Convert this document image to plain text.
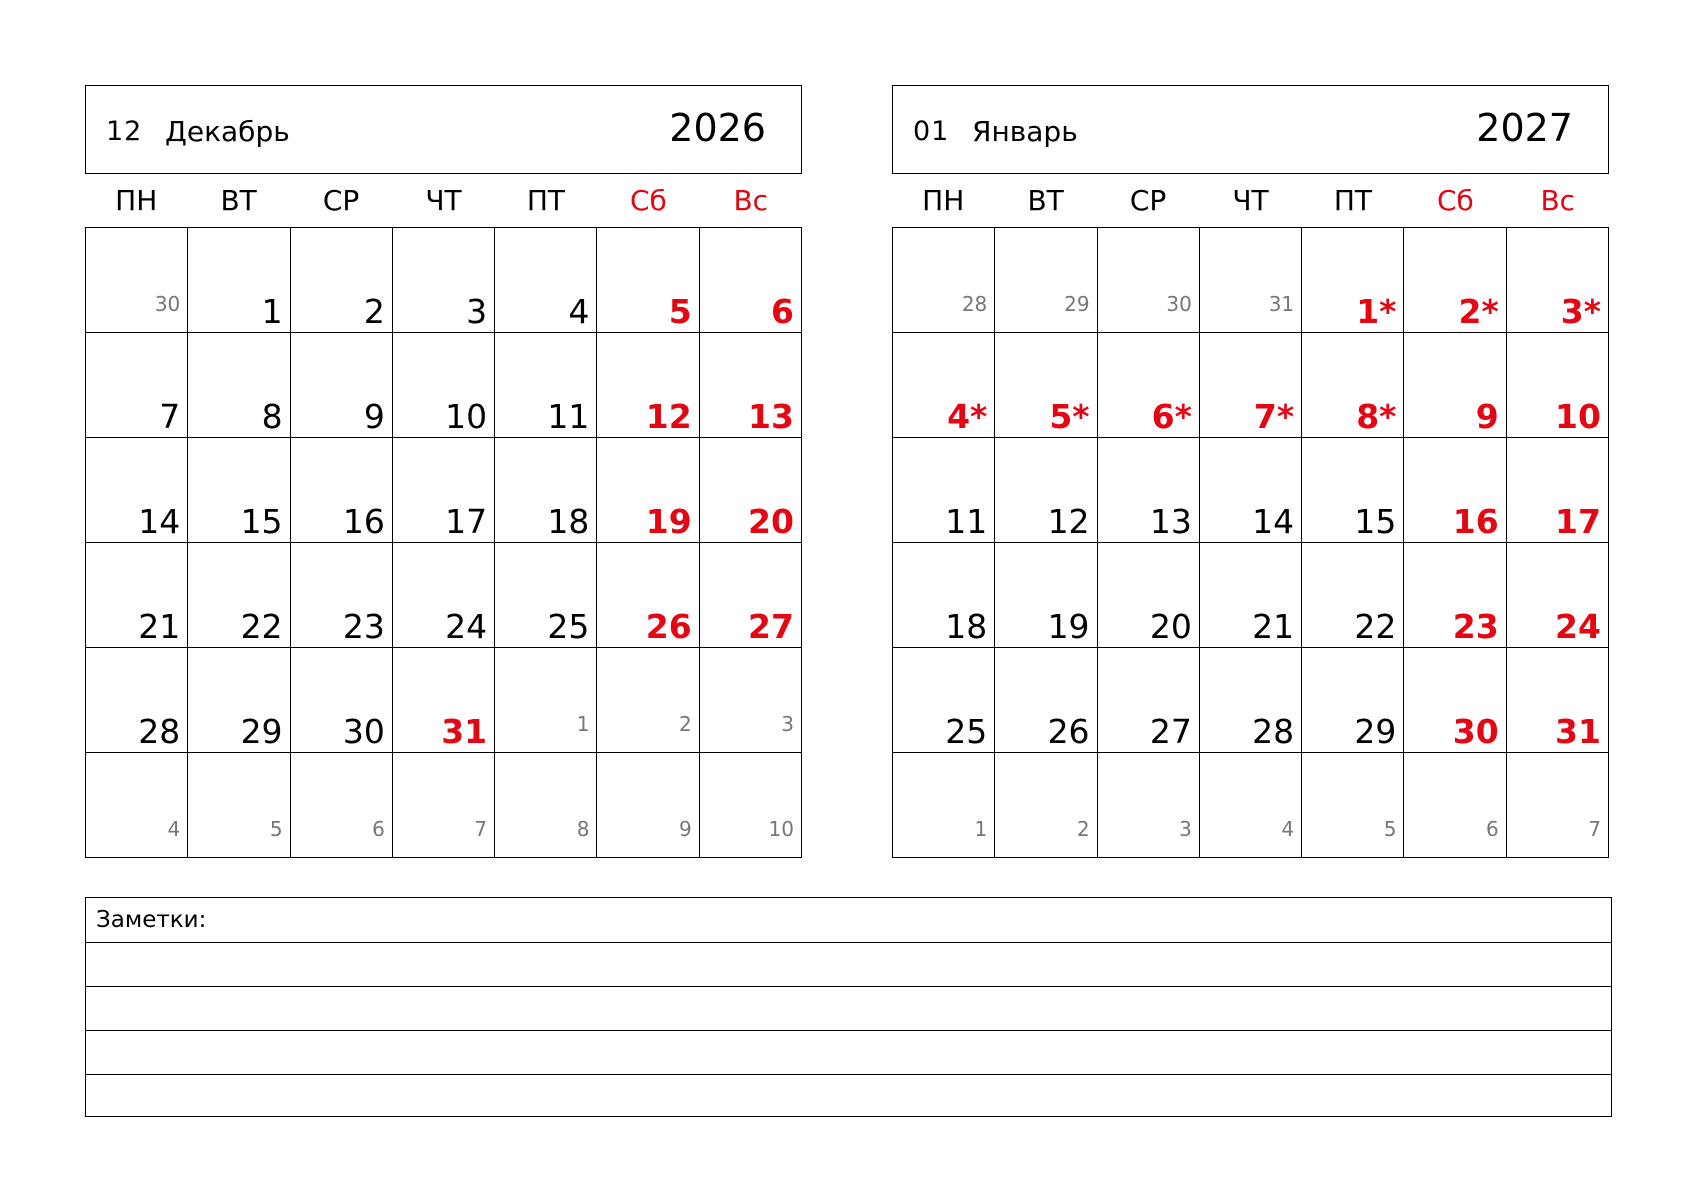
12 Декабрь	2026
ПН	ВТ	СР	ЧТ	ПТ	Сб	Вс
30 1 2 3 4 5 6
7 8 9 10 11 12 13
14 15 16 17 18 19 20
21 22 23 24 25 26 27
28 29 30 31	1	2	3
4	5	6	7	8	9	10
01 Январь	2027
ПН	ВТ	СР	ЧТ	ПТ	Сб	Вс
28	29	30	31 1* 2* 3*
4* 5* 6* 7* 8* 9 10
11 12 13 14 15 16 17
18 19 20 21 22 23 24
25 26 27 28 29 30 31
1	2	3	4	5	6	7
Заметки:
